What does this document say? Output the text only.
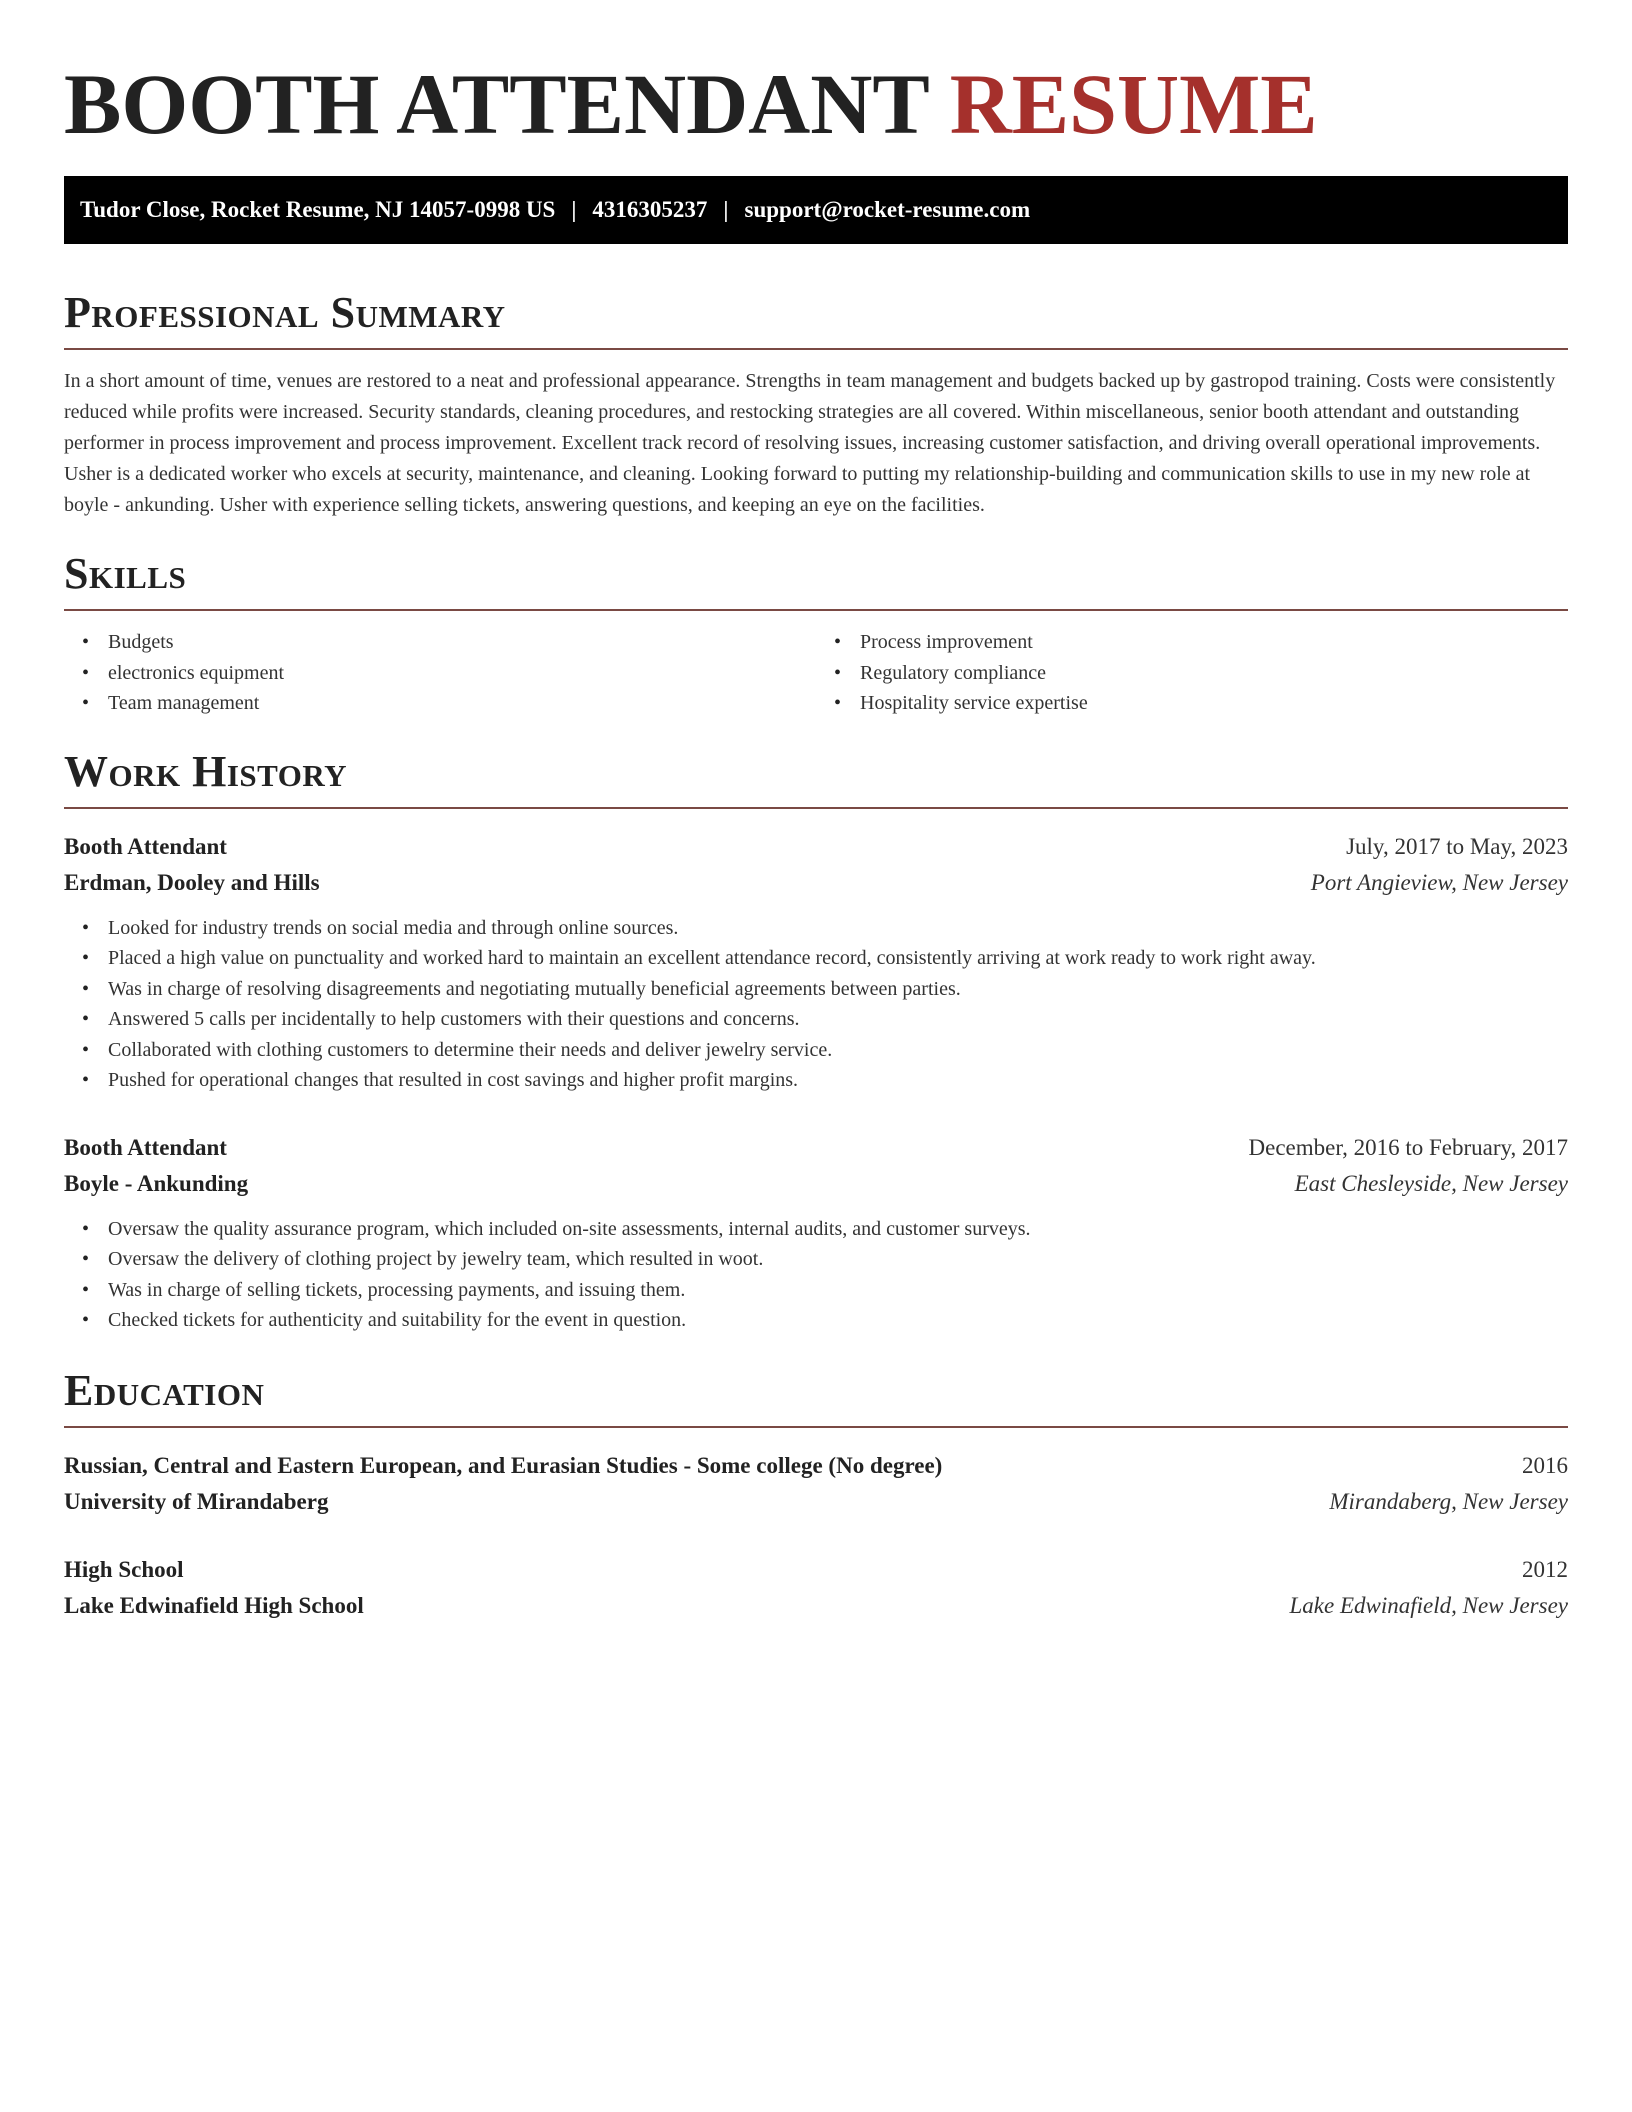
BOOTH ATTENDANT RESUME
Tudor Close, Rocket Resume, NJ 14057-0998 US | 4316305237 | support@rocket-resume.com
Professional Summary

In a short amount of time, venues are restored to a neat and professional appearance. Strengths in team management and budgets backed up by gastropod training. Costs were consistently reduced while profits were increased. Security standards, cleaning procedures, and restocking strategies are all covered. Within miscellaneous, senior booth attendant and outstanding performer in process improvement and process improvement. Excellent track record of resolving issues, increasing customer satisfaction, and driving overall operational improvements. Usher is a dedicated worker who excels at security, maintenance, and cleaning. Looking forward to putting my relationship-building and communication skills to use in my new role at boyle - ankunding. Usher with experience selling tickets, answering questions, and keeping an eye on the facilities.

Skills
• Budgets
• electronics equipment
• Team management
• Process improvement
• Regulatory compliance
• Hospitality service expertise
Work History
Booth Attendant	July, 2017 to May, 2023
Erdman, Dooley and Hills	Port Angieview, New Jersey
• Looked for industry trends on social media and through online sources.
• Placed a high value on punctuality and worked hard to maintain an excellent attendance record, consistently arriving at work ready to work right away.
• Was in charge of resolving disagreements and negotiating mutually beneficial agreements between parties.
• Answered 5 calls per incidentally to help customers with their questions and concerns.
• Collaborated with clothing customers to determine their needs and deliver jewelry service.
• Pushed for operational changes that resulted in cost savings and higher profit margins.
Booth Attendant	December, 2016 to February, 2017
Boyle - Ankunding	East Chesleyside, New Jersey
• Oversaw the quality assurance program, which included on-site assessments, internal audits, and customer surveys.
• Oversaw the delivery of clothing project by jewelry team, which resulted in woot.
• Was in charge of selling tickets, processing payments, and issuing them.
• Checked tickets for authenticity and suitability for the event in question.
Education
Russian, Central and Eastern European, and Eurasian Studies - Some college (No degree)	2016
University of Mirandaberg	Mirandaberg, New Jersey
High School	2012
Lake Edwinafield High School	Lake Edwinafield, New Jersey
